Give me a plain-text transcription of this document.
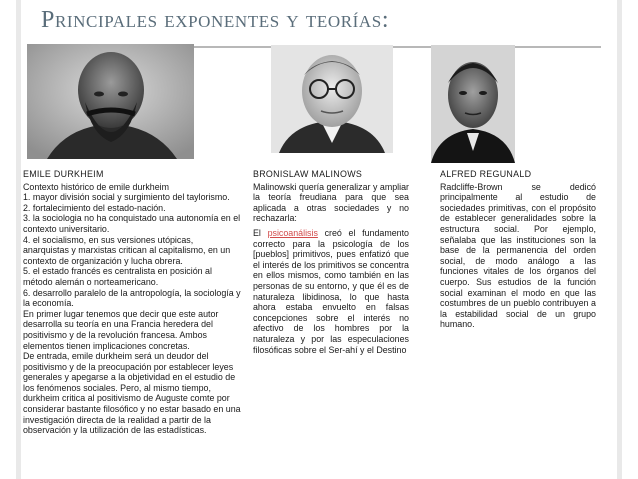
Principales exponentes y teorías:
EMILE DURKHEIM

Contexto histórico de emile durkheim

1. mayor división social y surgimiento del taylorismo.

2. fortalecimiento del estado-nación.

3. la sociologia no ha conquistado una autonomía en el contexto universitario.

4. el socialismo, en sus versiones utópicas, anarquistas y marxistas critican al capitalismo, en un contexto de organización y lucha obrera.

5. el estado francés es centralista en posición al método alemán o norteamericano.

6. desarrollo paralelo de la antropología, la sociología y la economía.

En primer lugar tenemos que decir que este autor desarrolla su teoría en una Francia heredera del positivismo y de la revolución francesa. Ambos elementos tienen implicaciones concretas.

De entrada, emile durkheim será un deudor del positivismo y de la preocupación por establecer leyes generales y apegarse a la objetividad en el estudio de los fenómenos sociales. Pero, al mismo tiempo, durkheim critica al positivismo de Auguste comte por considerar bastante filosófico y no estar basado en una investigación directa de la realidad a partir de la observación y la utilización de las estadísticas.

BRONISLAW MALINOWS

Malinowski quería generalizar y ampliar la teoría freudiana para que sea aplicada a otras sociedades y no rechazarla:

El psicoanálisis creó el fundamento correcto para la psicología de los [pueblos] primitivos, pues enfatizó que el interés de los primitivos se concentra en ellos mismos, como también en las personas de su entorno, y que él es de naturaleza libidinosa, lo que hasta ahora estaba envuelto en falsas concepciones sobre el interés no afectivo de los hombres por la naturaleza y por las especulaciones filosóficas sobre el Ser-ahí y el Destino

ALFRED REGUNALD

Radcliffe-Brown se dedicó principalmente al estudio de sociedades primitivas, con el propósito de establecer generalidades sobre la estructura social. Por ejemplo, señalaba que las instituciones son la base de la permanencia del orden social, de modo análogo a las funciones vitales de los órganos del cuerpo. Sus estudios de la función social examinan el modo en que las costumbres de un pueblo contribuyen a la estabilidad social de un grupo humano.
